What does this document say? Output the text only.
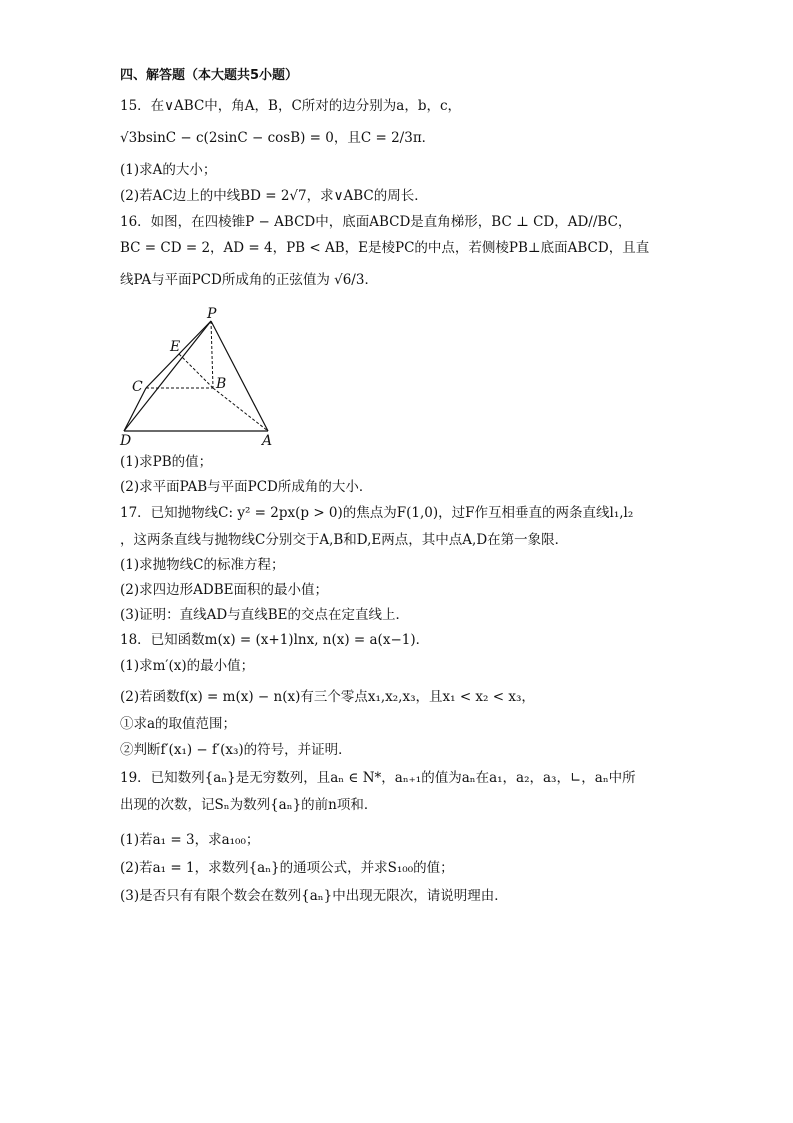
四、解答题（本大题共5小题）
15．在∨ABC中，角A，B，C所对的边分别为a，b，c，
√3bsinC − c(2sinC − cosB) = 0，且C = 2/3π．
(1)求A的大小；
(2)若AC边上的中线BD = 2√7，求∨ABC的周长．
16．如图，在四棱锥P − ABCD中，底面ABCD是直角梯形，BC ⊥ CD，AD//BC，
BC = CD = 2，AD = 4，PB < AB，E是棱PC的中点，若侧棱PB⊥底面ABCD，且直
线PA与平面PCD所成角的正弦值为 √6/3．
P
E
C	B
D	A
(1)求PB的值；
(2)求平面PAB与平面PCD所成角的大小．
17．已知抛物线C: y² = 2px(p > 0)的焦点为F(1,0)，过F作互相垂直的两条直线l₁,l₂
，这两条直线与抛物线C分别交于A,B和D,E两点，其中点A,D在第一象限．
(1)求抛物线C的标准方程；
(2)求四边形ADBE面积的最小值；
(3)证明：直线AD与直线BE的交点在定直线上．
18．已知函数m(x) = (x+1)lnx, n(x) = a(x−1)．
(1)求m′(x)的最小值；
(2)若函数f(x) = m(x) − n(x)有三个零点x₁,x₂,x₃，且x₁ < x₂ < x₃，
①求a的取值范围；
②判断f′(x₁) − f′(x₃)的符号，并证明．
19．已知数列{aₙ}是无穷数列，且aₙ ∈ N*，aₙ₊₁的值为aₙ在a₁，a₂，a₃，∟，aₙ中所
出现的次数，记Sₙ为数列{aₙ}的前n项和．
(1)若a₁ = 3，求a₁₀₀；
(2)若a₁ = 1，求数列{aₙ}的通项公式，并求S₁₀₀的值；
(3)是否只有有限个数会在数列{aₙ}中出现无限次，请说明理由．
